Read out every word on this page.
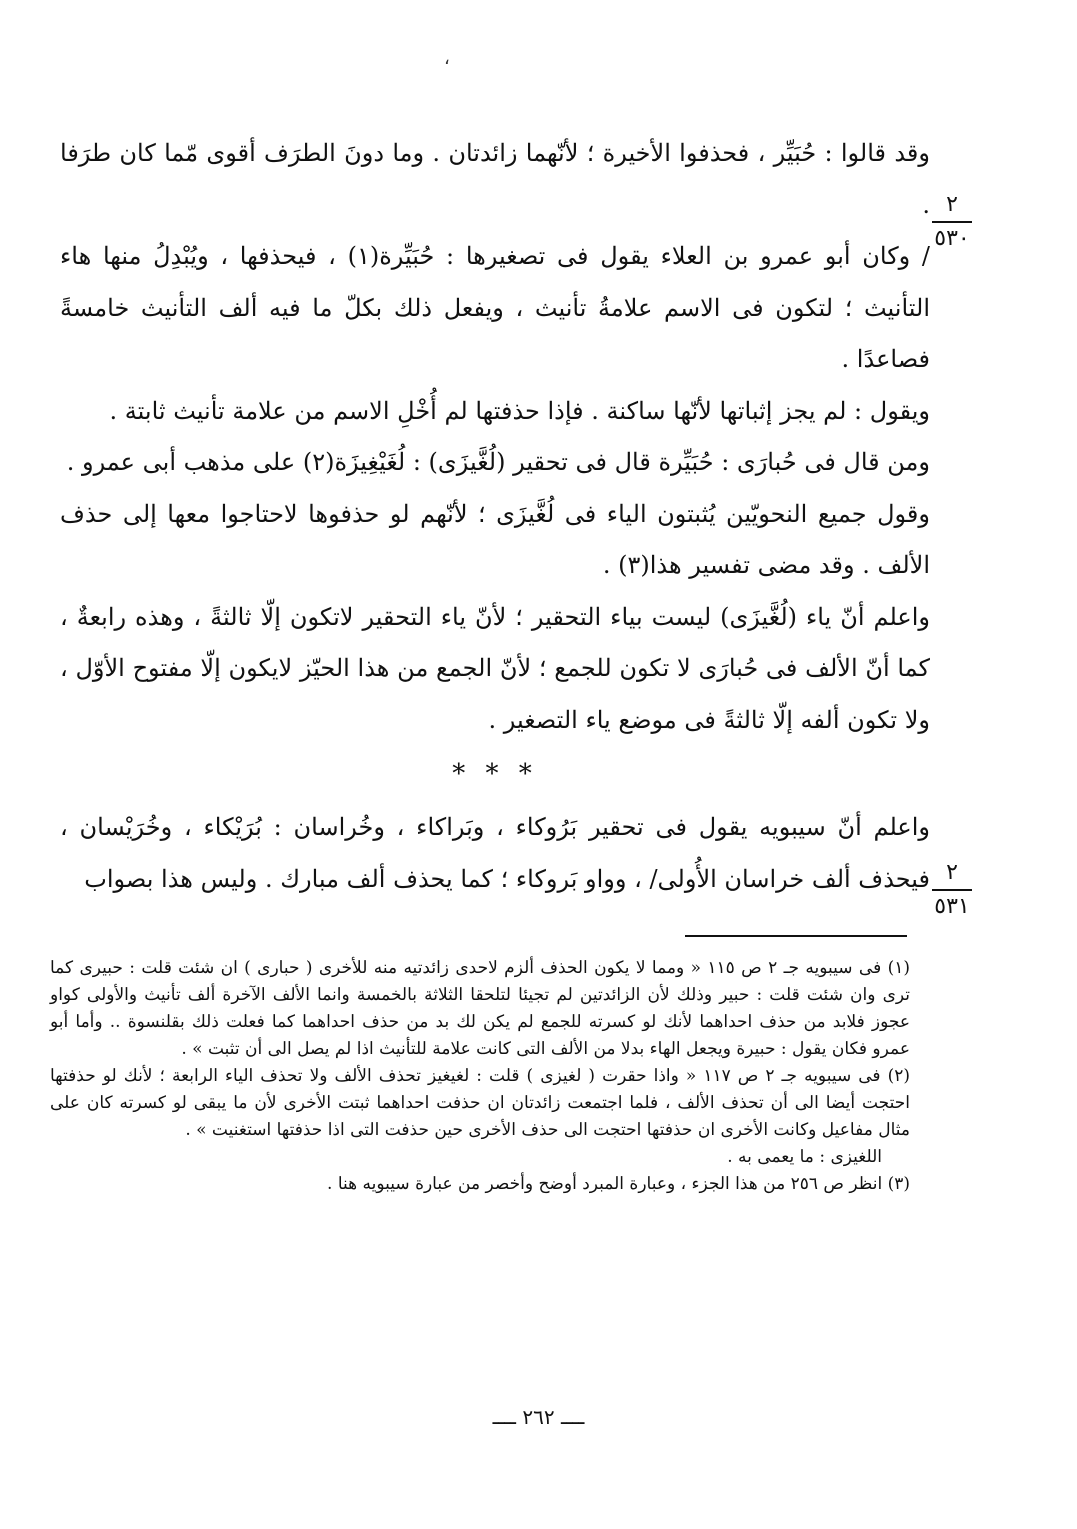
،

وقد قالوا : حُبَيِّر ، فحذفوا الأخيرة ؛ لأنّهما زائدتان . وما دونَ الطرَف أقوى مّما كان طرَفا .

/ وكان أبو عمرو بن العلاء يقول فى تصغيرها : حُبَيِّرة(١) ، فيحذفها ، ويُبْدِلُ منها هاء التأنيث ؛ لتكون فى الاسم علامةُ تأنيث ، ويفعل ذلك بكلّ ما فيه ألف التأنيث خامسةً فصاعدًا .

ويقول : لم يجز إثباتها لأنّها ساكنة . فإذا حذفتها لم أُخْلِ الاسم من علامة تأنيث ثابتة .

ومن قال فى حُبارَى : حُبَيِّرة قال فى تحقير (لُغَّيزَى) : لُغَيْغِيزَة(٢) على مذهب أبى عمرو .

وقول جميع النحويّين يُثبتون الياء فى لُغَّيزَى ؛ لأنّهم لو حذفوها لاحتاجوا معها إلى حذف الألف . وقد مضى تفسير هذا(٣) .

واعلم أنّ ياء (لُغَّيزَى) ليست بياء التحقير ؛ لأنّ ياء التحقير لاتكون إلّا ثالثةً ، وهذه رابعةٌ ، كما أنّ الألف فى حُبارَى لا تكون للجمع ؛ لأنّ الجمع من هذا الحيّز لايكون إلّا مفتوح الأوّل ، ولا تكون ألفه إلّا ثالثةً فى موضع ياء التصغير .

* * *

واعلم أنّ سيبويه يقول فى تحقير بَرُوكاء ، وبَراكاء ، وخُراسان : بُرَيْكاء ، وخُرَيْسان ، فيحذف ألف خراسان الأُولى/ ، وواو بَروكاء ؛ كما يحذف ألف مبارك . وليس هذا بصواب

٢
٥٣٠
٢
٥٣١

(١) فى سيبويه جـ ٢ ص ١١٥ « ومما لا يكون الحذف ألزم لاحدى زائدتيه منه للأخرى ( حبارى ) ان شئت قلت : حبيرى كما ترى وان شئت قلت : حبير وذلك لأن الزائدتين لم تجيئا لتلحقا الثلاثة بالخمسة وانما الألف الآخرة ألف تأنيث والأولى كواو عجوز فلابد من حذف احداهما لأنك لو كسرته للجمع لم يكن لك بد من حذف احداهما كما فعلت ذلك بقلنسوة .. وأما أبو عمرو فكان يقول : حبيرة ويجعل الهاء بدلا من الألف التى كانت علامة للتأنيث اذا لم يصل الى أن تثبت » .

(٢) فى سيبويه جـ ٢ ص ١١٧ « واذا حقرت ( لغيزى ) قلت : لغيغيز تحذف الألف ولا تحذف الياء الرابعة ؛ لأنك لو حذفتها احتجت أيضا الى أن تحذف الألف ، فلما اجتمعت زائدتان ان حذفت احداهما ثبتت الأخرى لأن ما يبقى لو كسرته كان على مثال مفاعيل وكانت الأخرى ان حذفتها احتجت الى حذف الأخرى حين حذفت التى اذا حذفتها استغنيت » .

اللغيزى : ما يعمى به .

(٣) انظر ص ٢٥٦ من هذا الجزء ، وعبارة المبرد أوضح وأخصر من عبارة سيبويه هنا .

ــــ ٢٦٢ ــــ
